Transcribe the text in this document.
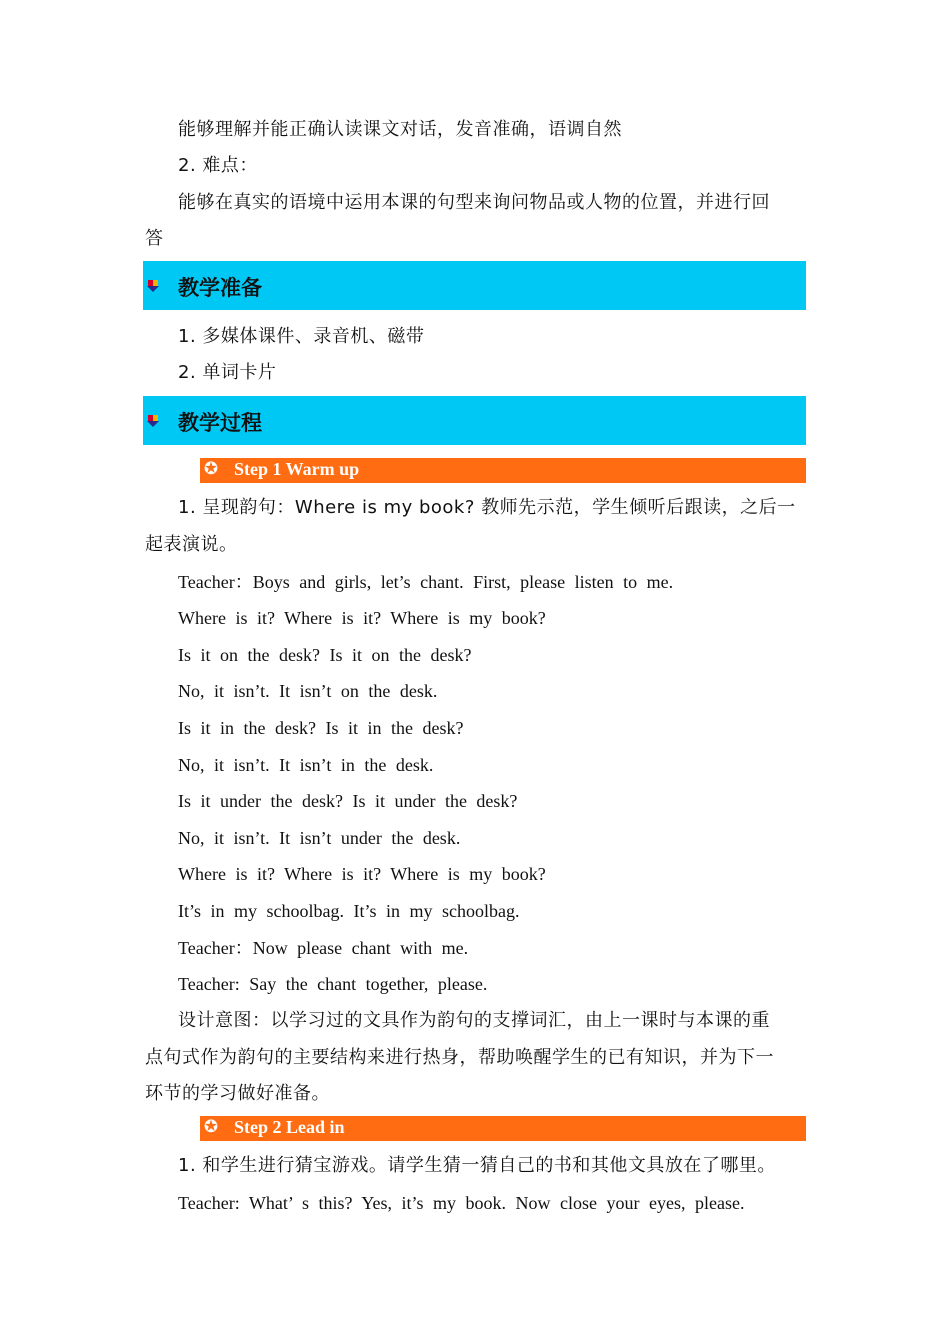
能够理解并能正确认读课文对话，发音准确，语调自然
2. 难点：
能够在真实的语境中运用本课的句型来询问物品或人物的位置，并进行回
答
教学准备
1. 多媒体课件、录音机、磁带
2. 单词卡片
教学过程
✪ Step 1 Warm up
1. 呈现韵句：Where is my book? 教师先示范，学生倾听后跟读，之后一
起表演说。
Teacher：Boys and girls, let’s chant. First, please listen to me.
Where is it? Where is it? Where is my book?
Is it on the desk? Is it on the desk?
No, it isn’t. It isn’t on the desk.
Is it in the desk? Is it in the desk?
No, it isn’t. It isn’t in the desk.
Is it under the desk? Is it under the desk?
No, it isn’t. It isn’t under the desk.
Where is it? Where is it? Where is my book?
It’s in my schoolbag. It’s in my schoolbag.
Teacher：Now please chant with me.
Teacher: Say the chant together, please.
设计意图：以学习过的文具作为韵句的支撑词汇，由上一课时与本课的重
点句式作为韵句的主要结构来进行热身，帮助唤醒学生的已有知识，并为下一
环节的学习做好准备。
✪ Step 2 Lead in
1. 和学生进行猜宝游戏。请学生猜一猜自己的书和其他文具放在了哪里。
Teacher: What’ s this? Yes, it’s my book. Now close your eyes, please.
